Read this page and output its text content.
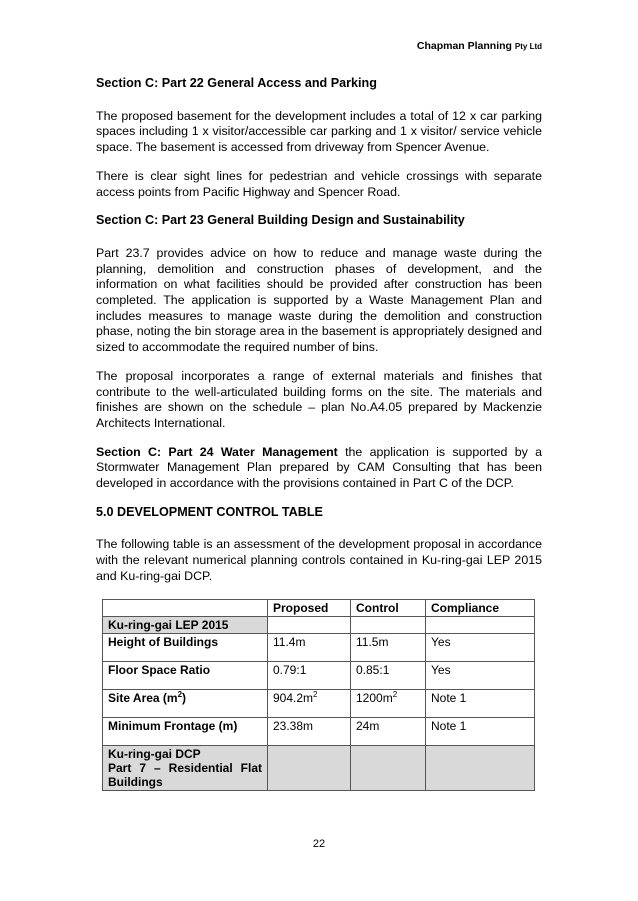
Chapman Planning Pty Ltd
Section C: Part 22 General Access and Parking

The proposed basement for the development includes a total of 12 x car parking spaces including 1 x visitor/accessible car parking and 1 x visitor/ service vehicle space. The basement is accessed from driveway from Spencer Avenue.

There is clear sight lines for pedestrian and vehicle crossings with separate access points from Pacific Highway and Spencer Road.

Section C: Part 23 General Building Design and Sustainability

Part 23.7 provides advice on how to reduce and manage waste during the planning, demolition and construction phases of development, and the information on what facilities should be provided after construction has been completed. The application is supported by a Waste Management Plan and includes measures to manage waste during the demolition and construction phase, noting the bin storage area in the basement is appropriately designed and sized to accommodate the required number of bins.

The proposal incorporates a range of external materials and finishes that contribute to the well-articulated building forms on the site. The materials and finishes are shown on the schedule – plan No.A4.05 prepared by Mackenzie Architects International.

Section C: Part 24 Water Management the application is supported by a Stormwater Management Plan prepared by CAM Consulting that has been developed in accordance with the provisions contained in Part C of the DCP.

5.0 DEVELOPMENT CONTROL TABLE

The following table is an assessment of the development proposal in accordance with the relevant numerical planning controls contained in Ku-ring-gai LEP 2015 and Ku-ring-gai DCP.

	Proposed	Control	Compliance
Ku-ring-gai LEP 2015			
Height of Buildings	11.4m	11.5m	Yes
Floor Space Ratio	0.79:1	0.85:1	Yes
Site Area $(m^2)$	$904.2m^2$	$1200m^2$	Note 1
Minimum Frontage (m)	23.38m	24m	Note 1

Ku-ring-gai DCP
Part 7 – Residential Flat
Buildings			

22
